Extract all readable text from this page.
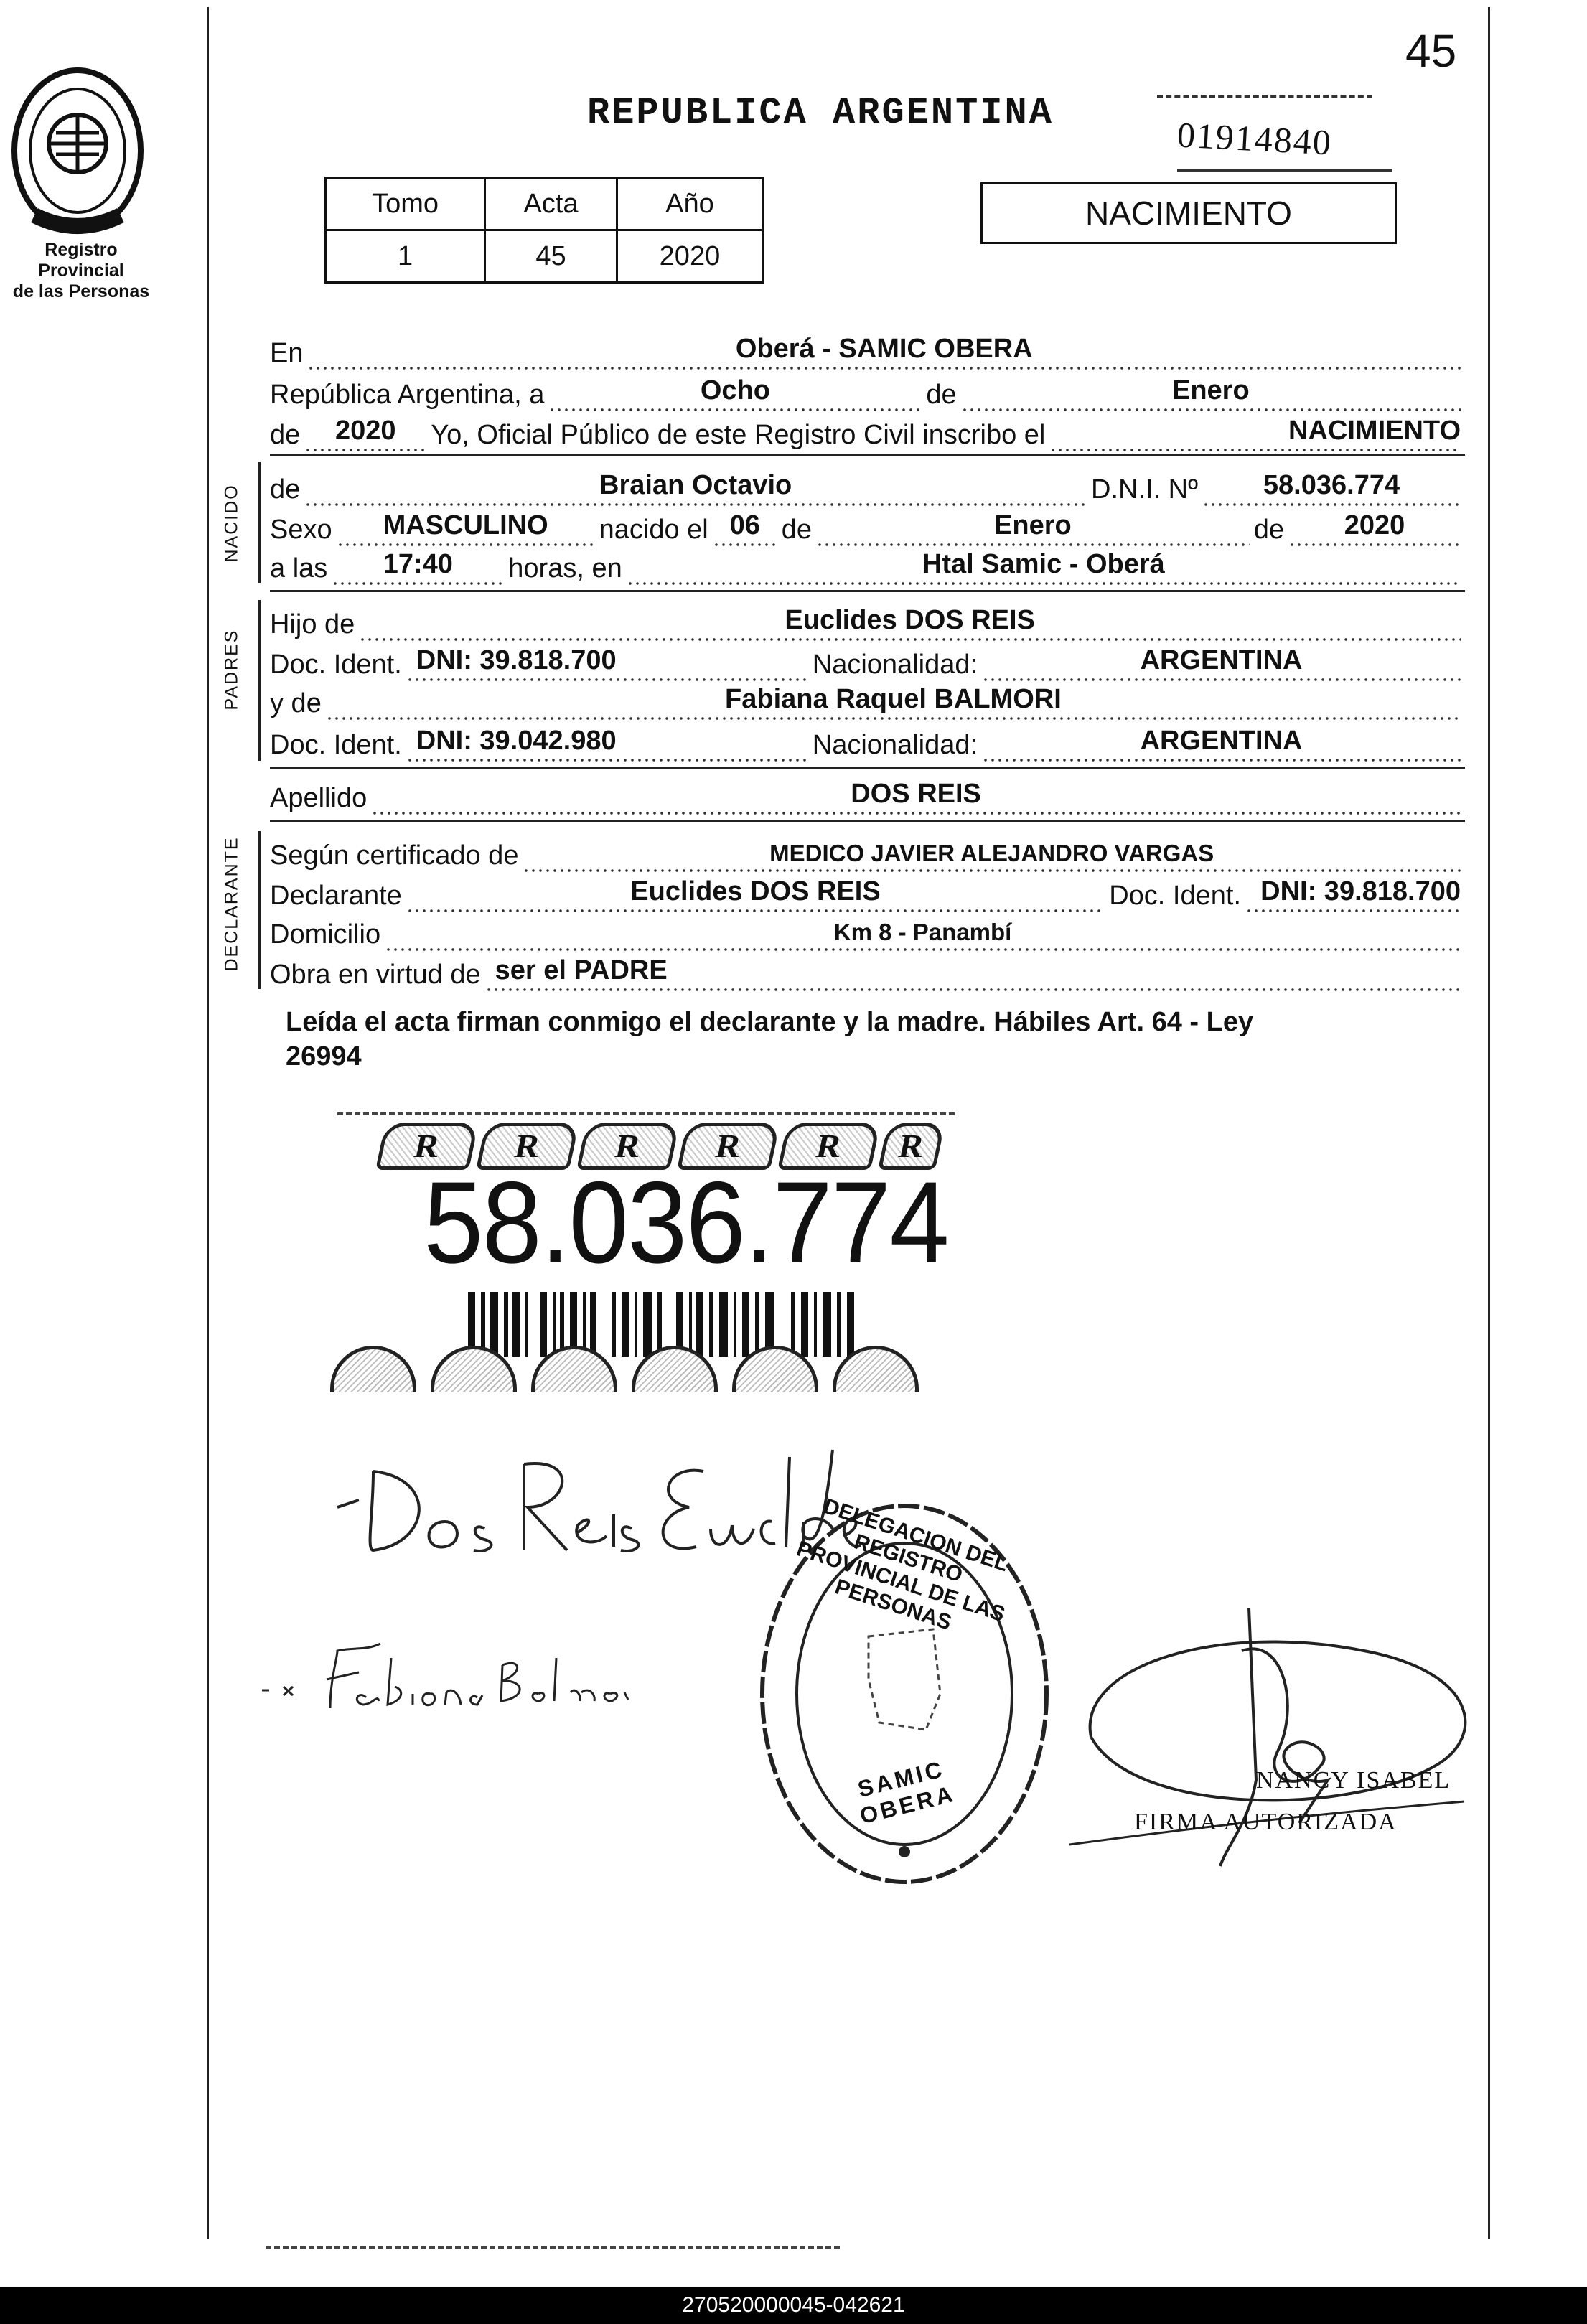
Registro Provincial
de las Personas
45
REPUBLICA ARGENTINA
01914840
Tomo	Acta	Año
1	45	2020
NACIMIENTO
En	Oberá - SAMIC OBERA
República Argentina, a	Ocho	de	Enero
de 2020 Yo, Oficial Público de este Registro Civil inscribo el	NACIMIENTO
NACIDO de	Braian Octavio	D.N.I. Nº 58.036.774
Sexo MASCULINO nacido el 06 de	Enero	de 2020
a las 17:40 horas, en	Htal Samic - Oberá
PADRES
Hijo de	Euclides DOS REIS
Doc. Ident. DNI: 39.818.700	Nacionalidad:	ARGENTINA
y de	Fabiana Raquel BALMORI
Doc. Ident. DNI: 39.042.980	Nacionalidad:	ARGENTINA
Apellido	DOS REIS
DECLARANTE Según certificado de	MEDICO JAVIER ALEJANDRO VARGAS
Declarante	Euclides DOS REIS	Doc. Ident. DNI: 39.818.700
Domicilio	Km 8 - Panambí
Obra en virtud de ser el PADRE
Leída el acta firman conmigo el declarante y la madre. Hábiles Art. 64 - Ley
26994
R	R	R	R	R	R
58.036.774
DELEGACION DEL REGISTRO PROVINCIAL DE LAS PERSONAS
SAMIC OBERA
NANCY ISABEL
FIRMA AUTORIZADA
270520000045-042621
